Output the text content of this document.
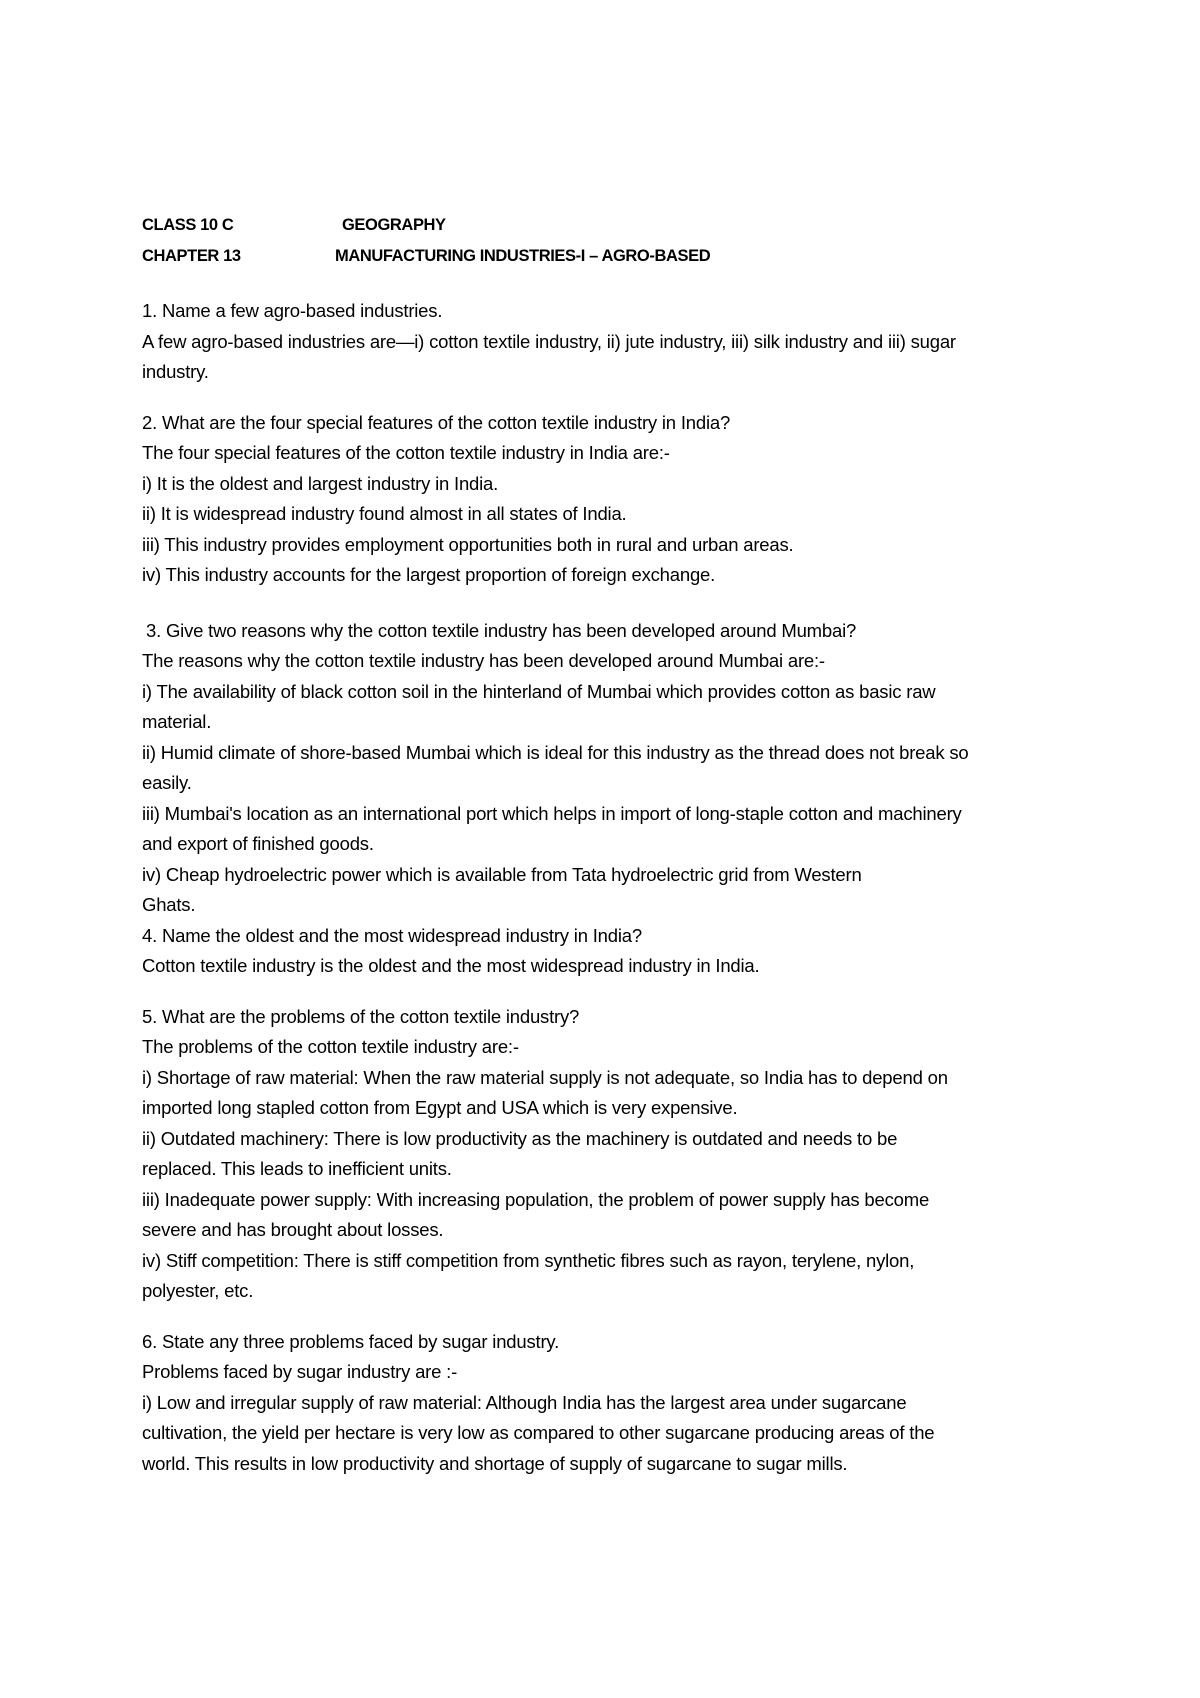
CLASS 10 C	GEOGRAPHY
CHAPTER 13	MANUFACTURING INDUSTRIES-I – AGRO-BASED

1. Name a few agro-based industries.

A few agro-based industries are—i) cotton textile industry, ii) jute industry, iii) silk industry and iii) sugar

industry.

2. What are the four special features of the cotton textile industry in India?

The four special features of the cotton textile industry in India are:-

i) It is the oldest and largest industry in India.

ii) It is widespread industry found almost in all states of India.

iii) This industry provides employment opportunities both in rural and urban areas.

iv) This industry accounts for the largest proportion of foreign exchange.

3. Give two reasons why the cotton textile industry has been developed around Mumbai?

The reasons why the cotton textile industry has been developed around Mumbai are:-

i) The availability of black cotton soil in the hinterland of Mumbai which provides cotton as basic raw

material.

ii) Humid climate of shore-based Mumbai which is ideal for this industry as the thread does not break so

easily.

iii) Mumbai's location as an international port which helps in import of long-staple cotton and machinery

and export of finished goods.

iv) Cheap hydroelectric power which is available from Tata hydroelectric grid from Western

Ghats.

4. Name the oldest and the most widespread industry in India?

Cotton textile industry is the oldest and the most widespread industry in India.

5. What are the problems of the cotton textile industry?

The problems of the cotton textile industry are:-

i) Shortage of raw material: When the raw material supply is not adequate, so India has to depend on

imported long stapled cotton from Egypt and USA which is very expensive.

ii) Outdated machinery: There is low productivity as the machinery is outdated and needs to be

replaced. This leads to inefficient units.

iii) Inadequate power supply: With increasing population, the problem of power supply has become

severe and has brought about losses.

iv) Stiff competition: There is stiff competition from synthetic fibres such as rayon, terylene, nylon,

polyester, etc.

6. State any three problems faced by sugar industry.

Problems faced by sugar industry are :-

i) Low and irregular supply of raw material: Although India has the largest area under sugarcane

cultivation, the yield per hectare is very low as compared to other sugarcane producing areas of the

world. This results in low productivity and shortage of supply of sugarcane to sugar mills.
